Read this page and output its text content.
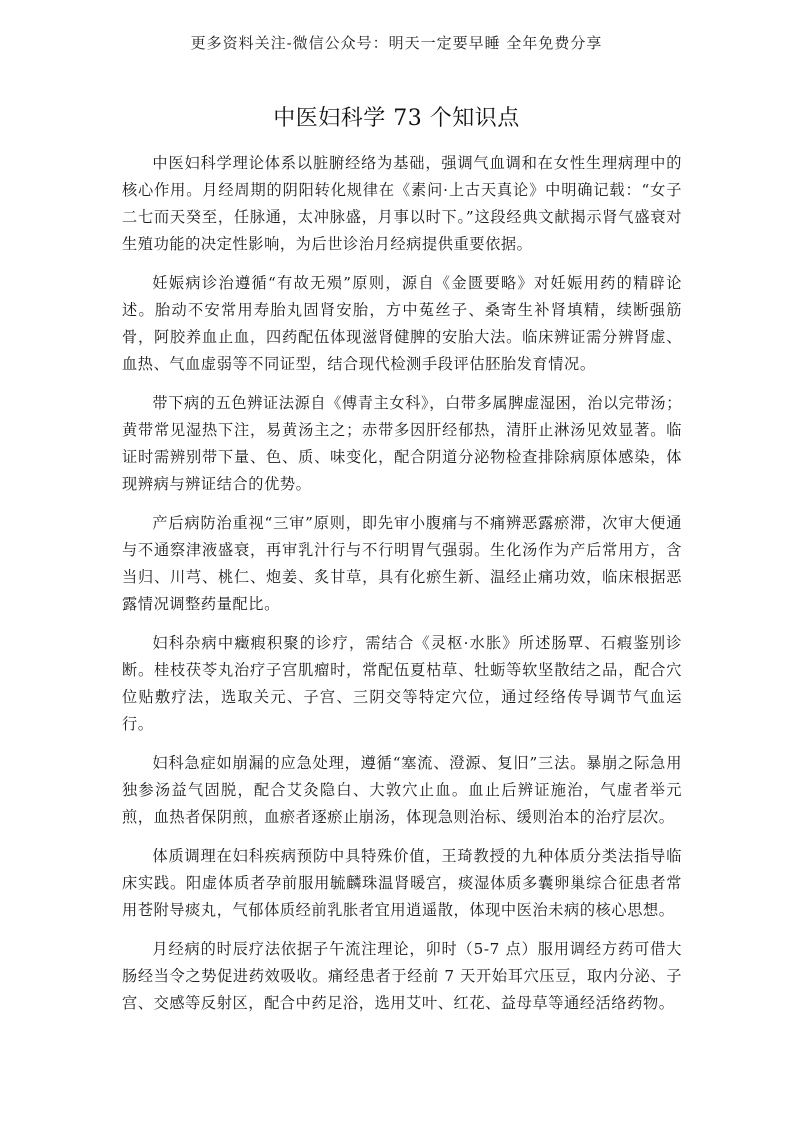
更多资料关注-微信公众号：明天一定要早睡 全年免费分享
中医妇科学 73 个知识点

中医妇科学理论体系以脏腑经络为基础，强调气血调和在女性生理病理中的核心作用。月经周期的阴阳转化规律在《素问·上古天真论》中明确记载：“女子二七而天癸至，任脉通，太冲脉盛，月事以时下。”这段经典文献揭示肾气盛衰对生殖功能的决定性影响，为后世诊治月经病提供重要依据。

妊娠病诊治遵循“有故无殒”原则，源自《金匮要略》对妊娠用药的精辟论述。胎动不安常用寿胎丸固肾安胎，方中菟丝子、桑寄生补肾填精，续断强筋骨，阿胶养血止血，四药配伍体现滋肾健脾的安胎大法。临床辨证需分辨肾虚、血热、气血虚弱等不同证型，结合现代检测手段评估胚胎发育情况。

带下病的五色辨证法源自《傅青主女科》，白带多属脾虚湿困，治以完带汤；黄带常见湿热下注，易黄汤主之；赤带多因肝经郁热，清肝止淋汤见效显著。临证时需辨别带下量、色、质、味变化，配合阴道分泌物检查排除病原体感染，体现辨病与辨证结合的优势。

产后病防治重视“三审”原则，即先审小腹痛与不痛辨恶露瘀滞，次审大便通与不通察津液盛衰，再审乳汁行与不行明胃气强弱。生化汤作为产后常用方，含当归、川芎、桃仁、炮姜、炙甘草，具有化瘀生新、温经止痛功效，临床根据恶露情况调整药量配比。

妇科杂病中癥瘕积聚的诊疗，需结合《灵枢·水胀》所述肠覃、石瘕鉴别诊断。桂枝茯苓丸治疗子宫肌瘤时，常配伍夏枯草、牡蛎等软坚散结之品，配合穴位贴敷疗法，选取关元、子宫、三阴交等特定穴位，通过经络传导调节气血运行。

妇科急症如崩漏的应急处理，遵循“塞流、澄源、复旧”三法。暴崩之际急用独参汤益气固脱，配合艾灸隐白、大敦穴止血。血止后辨证施治，气虚者举元煎，血热者保阴煎，血瘀者逐瘀止崩汤，体现急则治标、缓则治本的治疗层次。

体质调理在妇科疾病预防中具特殊价值，王琦教授的九种体质分类法指导临床实践。阳虚体质者孕前服用毓麟珠温肾暖宫，痰湿体质多囊卵巢综合征患者常用苍附导痰丸，气郁体质经前乳胀者宜用逍遥散，体现中医治未病的核心思想。

月经病的时辰疗法依据子午流注理论，卯时（5-7 点）服用调经方药可借大肠经当令之势促进药效吸收。痛经患者于经前 7 天开始耳穴压豆，取内分泌、子宫、交感等反射区，配合中药足浴，选用艾叶、红花、益母草等通经活络药物。
